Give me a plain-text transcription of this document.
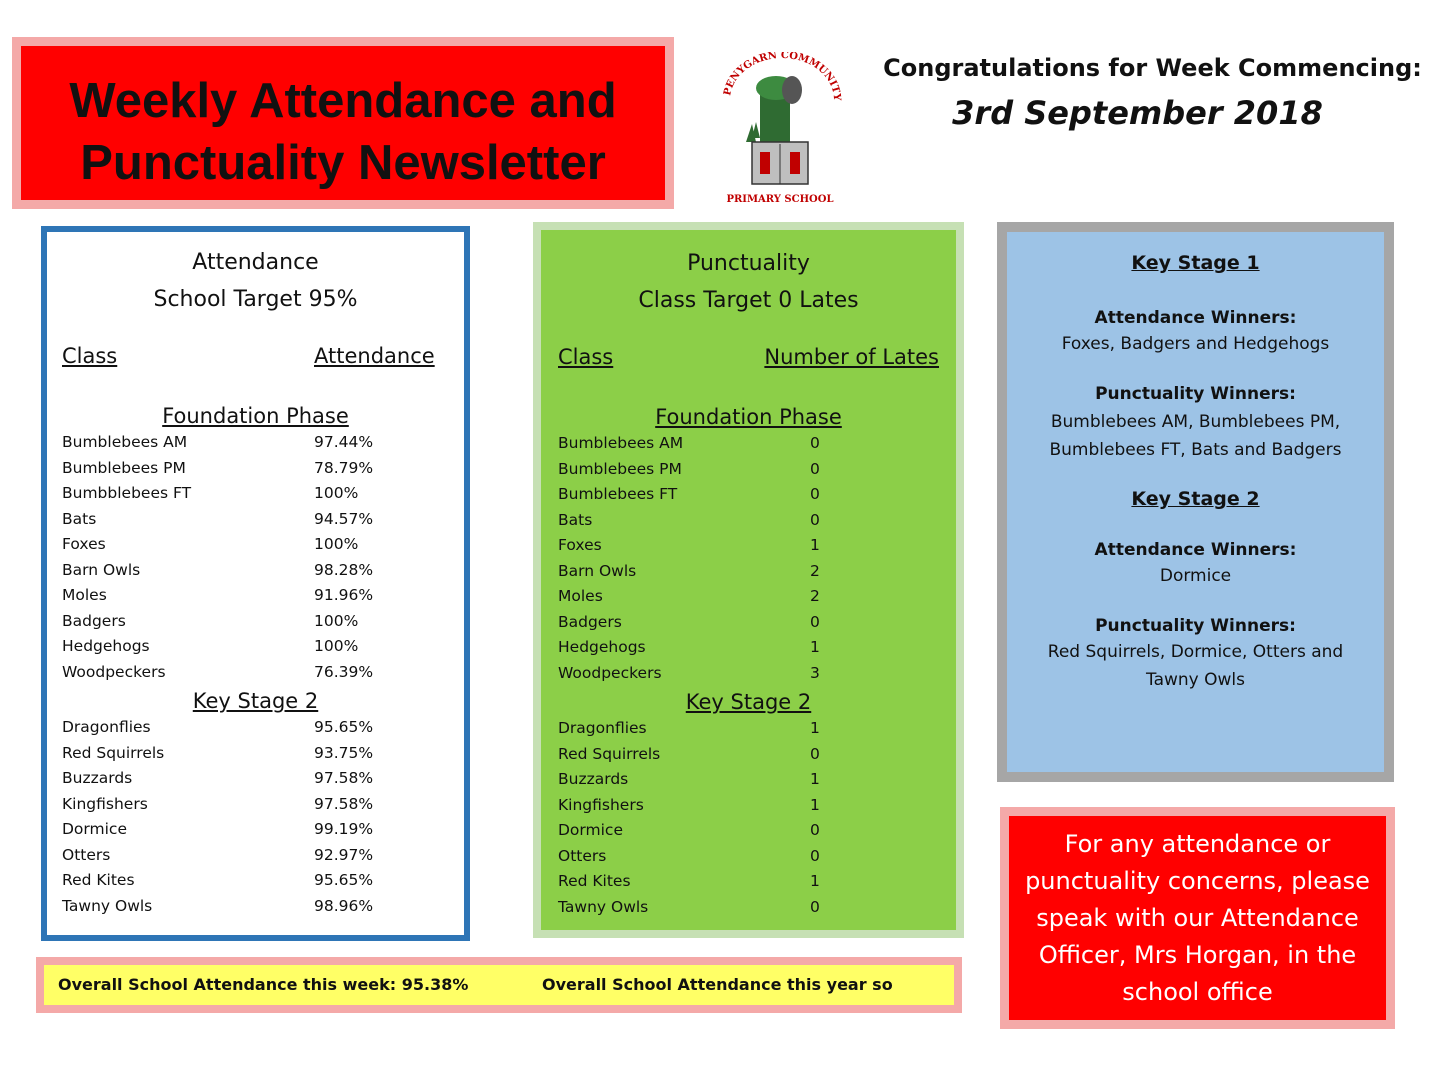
Weekly Attendance and
Punctuality Newsletter
PENYGARN COMMUNITY
PRIMARY SCHOOL
Congratulations for Week Commencing:
3rd September 2018
Attendance
School Target 95%
Class	Attendance
Foundation Phase
Bumblebees AM	97.44%
Bumblebees PM	78.79%
Bumbblebees FT	100%
Bats	94.57%
Foxes	100%
Barn Owls	98.28%
Moles	91.96%
Badgers	100%
Hedgehogs	100%
Woodpeckers	76.39%
Key Stage 2
Dragonflies	95.65%
Red Squirrels	93.75%
Buzzards	97.58%
Kingfishers	97.58%
Dormice	99.19%
Otters	92.97%
Red Kites	95.65%
Tawny Owls	98.96%
Punctuality
Class Target 0 Lates
Class	Number of Lates
Foundation Phase
Bumblebees AM	0
Bumblebees PM	0
Bumblebees FT	0
Bats	0
Foxes	1
Barn Owls	2
Moles	2
Badgers	0
Hedgehogs	1
Woodpeckers	3
Key Stage 2
Dragonflies	1
Red Squirrels	0
Buzzards	1
Kingfishers	1
Dormice	0
Otters	0
Red Kites	1
Tawny Owls	0
Key Stage 1
Attendance Winners:
Foxes, Badgers and Hedgehogs
Punctuality Winners:
Bumblebees AM, Bumblebees PM,
Bumblebees FT, Bats and Badgers
Key Stage 2
Attendance Winners:
Dormice
Punctuality Winners:
Red Squirrels, Dormice, Otters and
Tawny Owls
For any attendance or
punctuality concerns, please
speak with our Attendance
Officer, Mrs Horgan, in the
school office
Overall School Attendance this week: 95.38%	Overall School Attendance this year so
